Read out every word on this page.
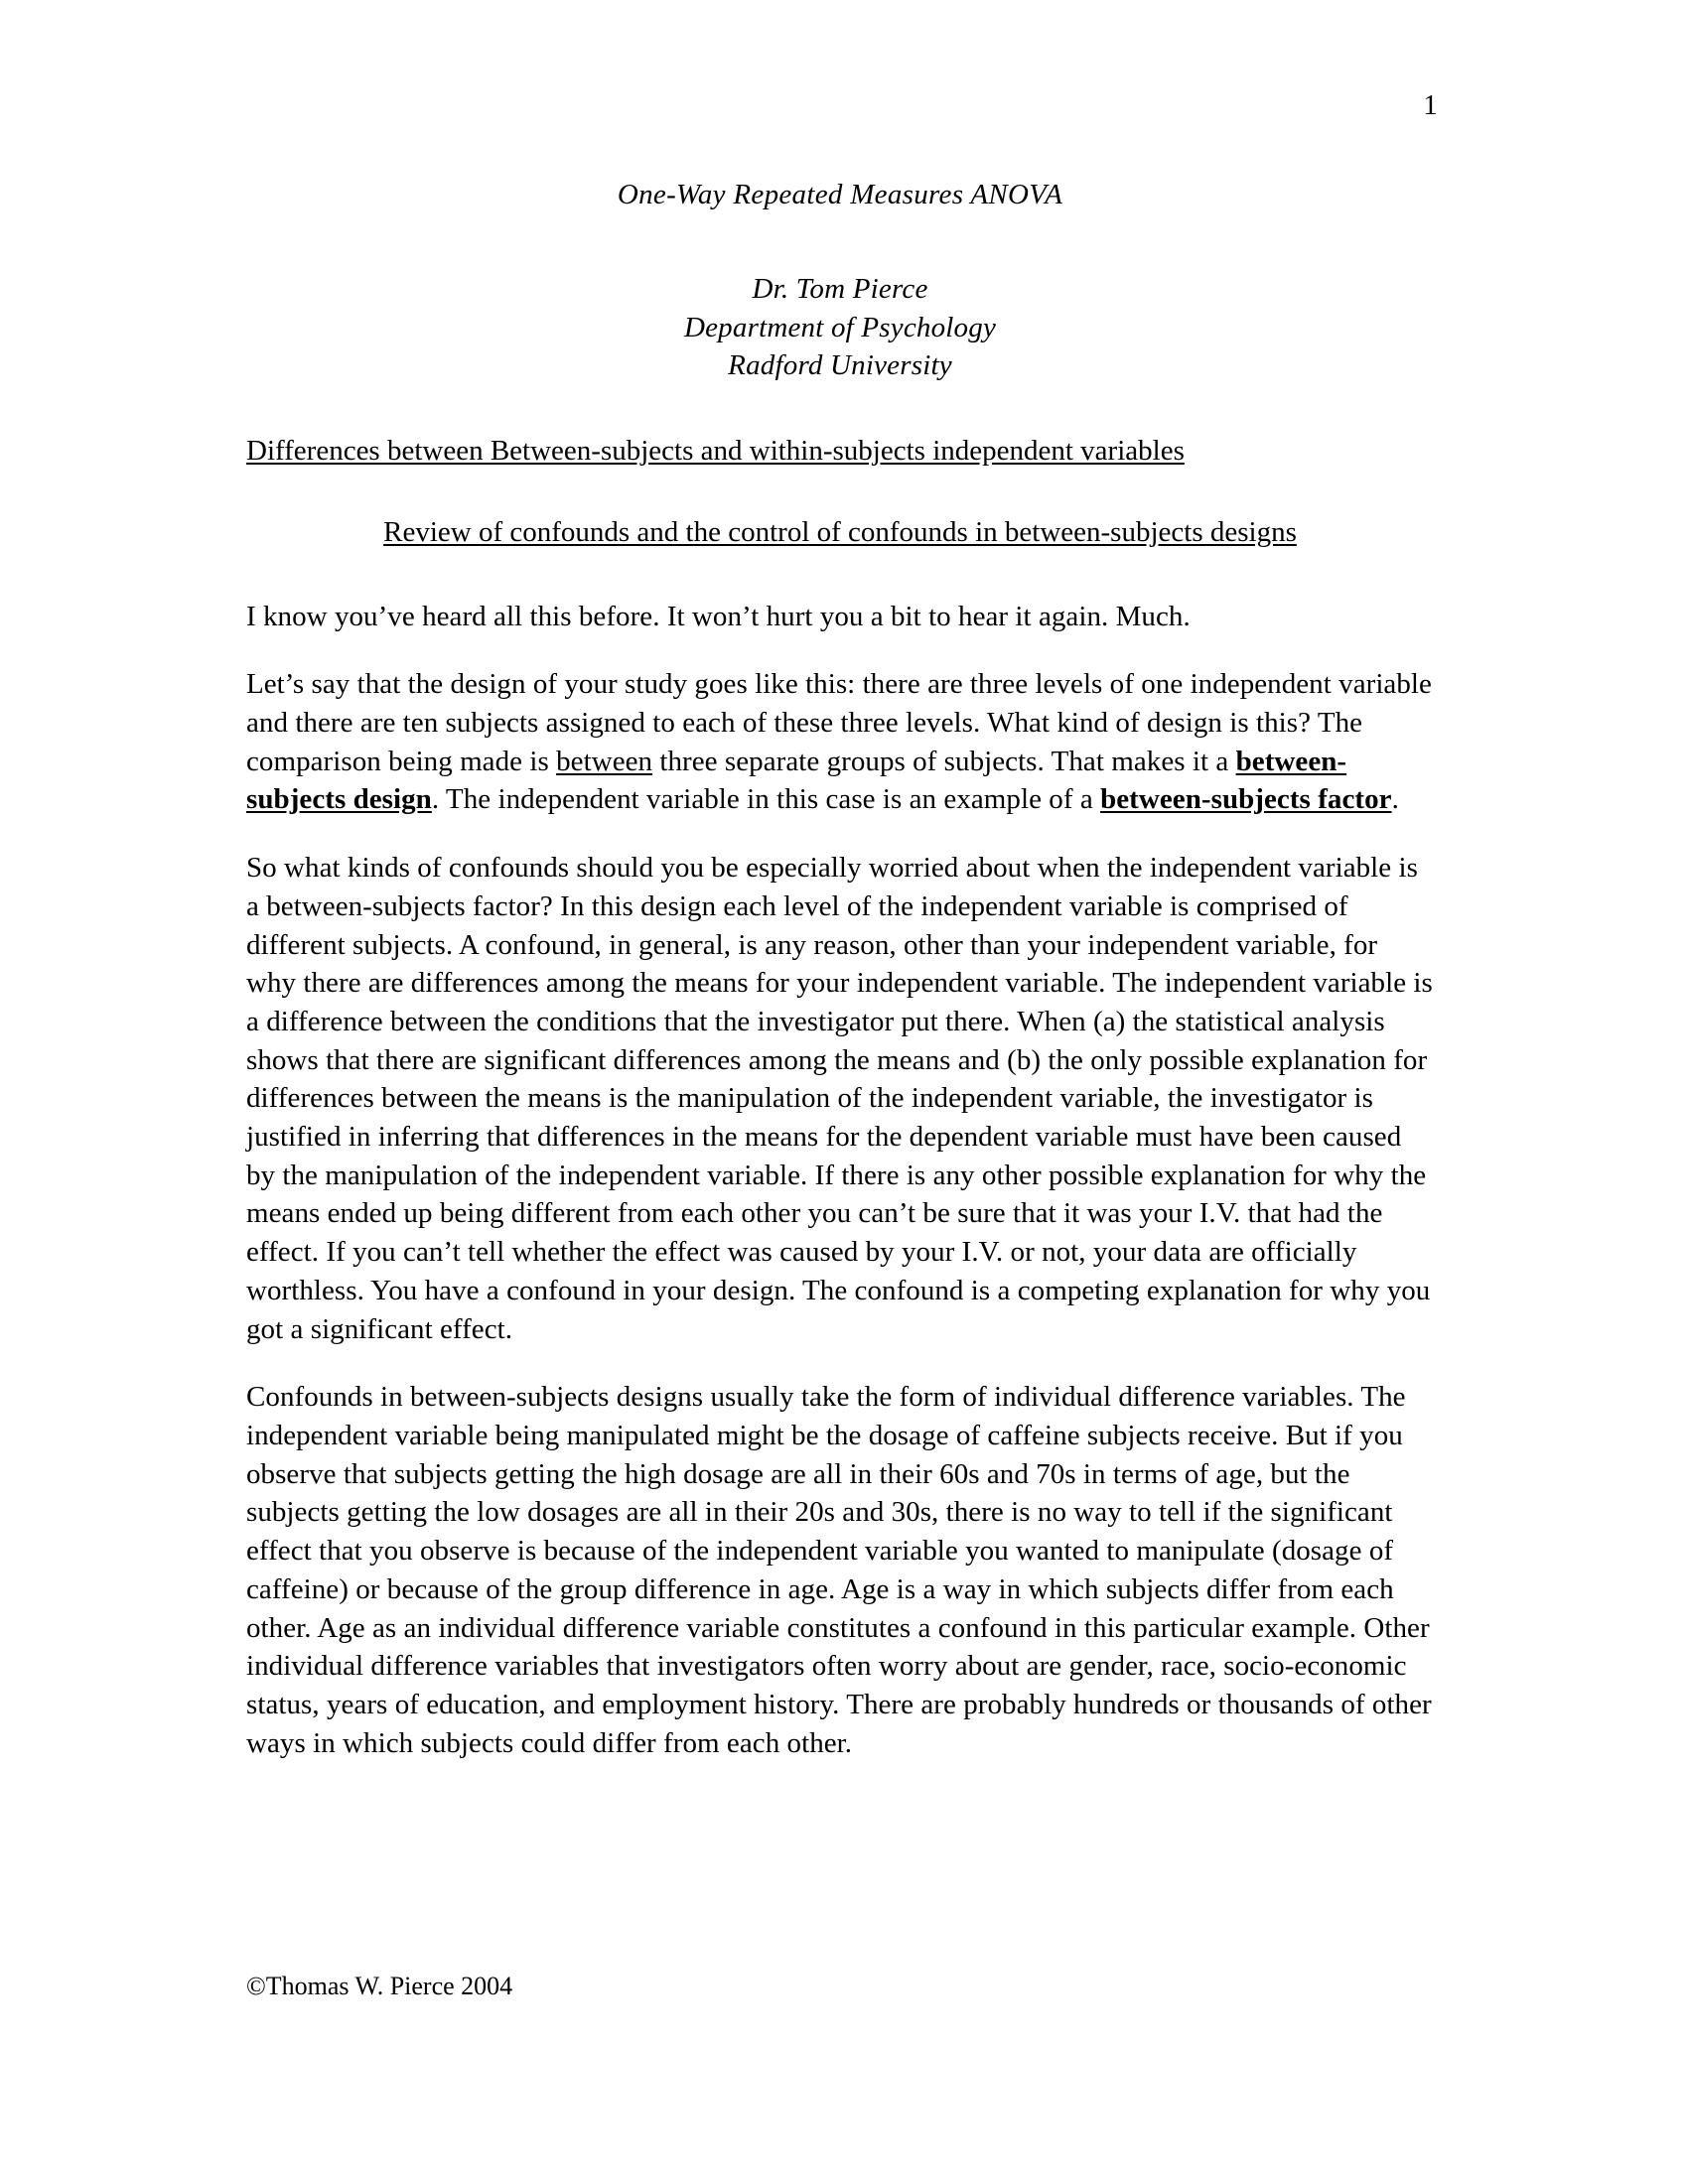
1
One-Way Repeated Measures ANOVA
Dr. Tom Pierce
Department of Psychology
Radford University
Differences between Between-subjects and within-subjects independent variables
Review of confounds and the control of confounds in between-subjects designs

I know you’ve heard all this before. It won’t hurt you a bit to hear it again. Much.

Let’s say that the design of your study goes like this: there are three levels of one independent variable and there are ten subjects assigned to each of these three levels. What kind of design is this? The comparison being made is between three separate groups of subjects. That makes it a between-subjects design. The independent variable in this case is an example of a between-subjects factor.

So what kinds of confounds should you be especially worried about when the independent variable is a between-subjects factor? In this design each level of the independent variable is comprised of different subjects. A confound, in general, is any reason, other than your independent variable, for why there are differences among the means for your independent variable. The independent variable is a difference between the conditions that the investigator put there. When (a) the statistical analysis shows that there are significant differences among the means and (b) the only possible explanation for differences between the means is the manipulation of the independent variable, the investigator is justified in inferring that differences in the means for the dependent variable must have been caused by the manipulation of the independent variable. If there is any other possible explanation for why the means ended up being different from each other you can’t be sure that it was your I.V. that had the effect. If you can’t tell whether the effect was caused by your I.V. or not, your data are officially worthless. You have a confound in your design. The confound is a competing explanation for why you got a significant effect.

Confounds in between-subjects designs usually take the form of individual difference variables. The independent variable being manipulated might be the dosage of caffeine subjects receive. But if you observe that subjects getting the high dosage are all in their 60s and 70s in terms of age, but the subjects getting the low dosages are all in their 20s and 30s, there is no way to tell if the significant effect that you observe is because of the independent variable you wanted to manipulate (dosage of caffeine) or because of the group difference in age. Age is a way in which subjects differ from each other. Age as an individual difference variable constitutes a confound in this particular example. Other individual difference variables that investigators often worry about are gender, race, socio-economic status, years of education, and employment history. There are probably hundreds or thousands of other ways in which subjects could differ from each other.

©Thomas W. Pierce 2004
